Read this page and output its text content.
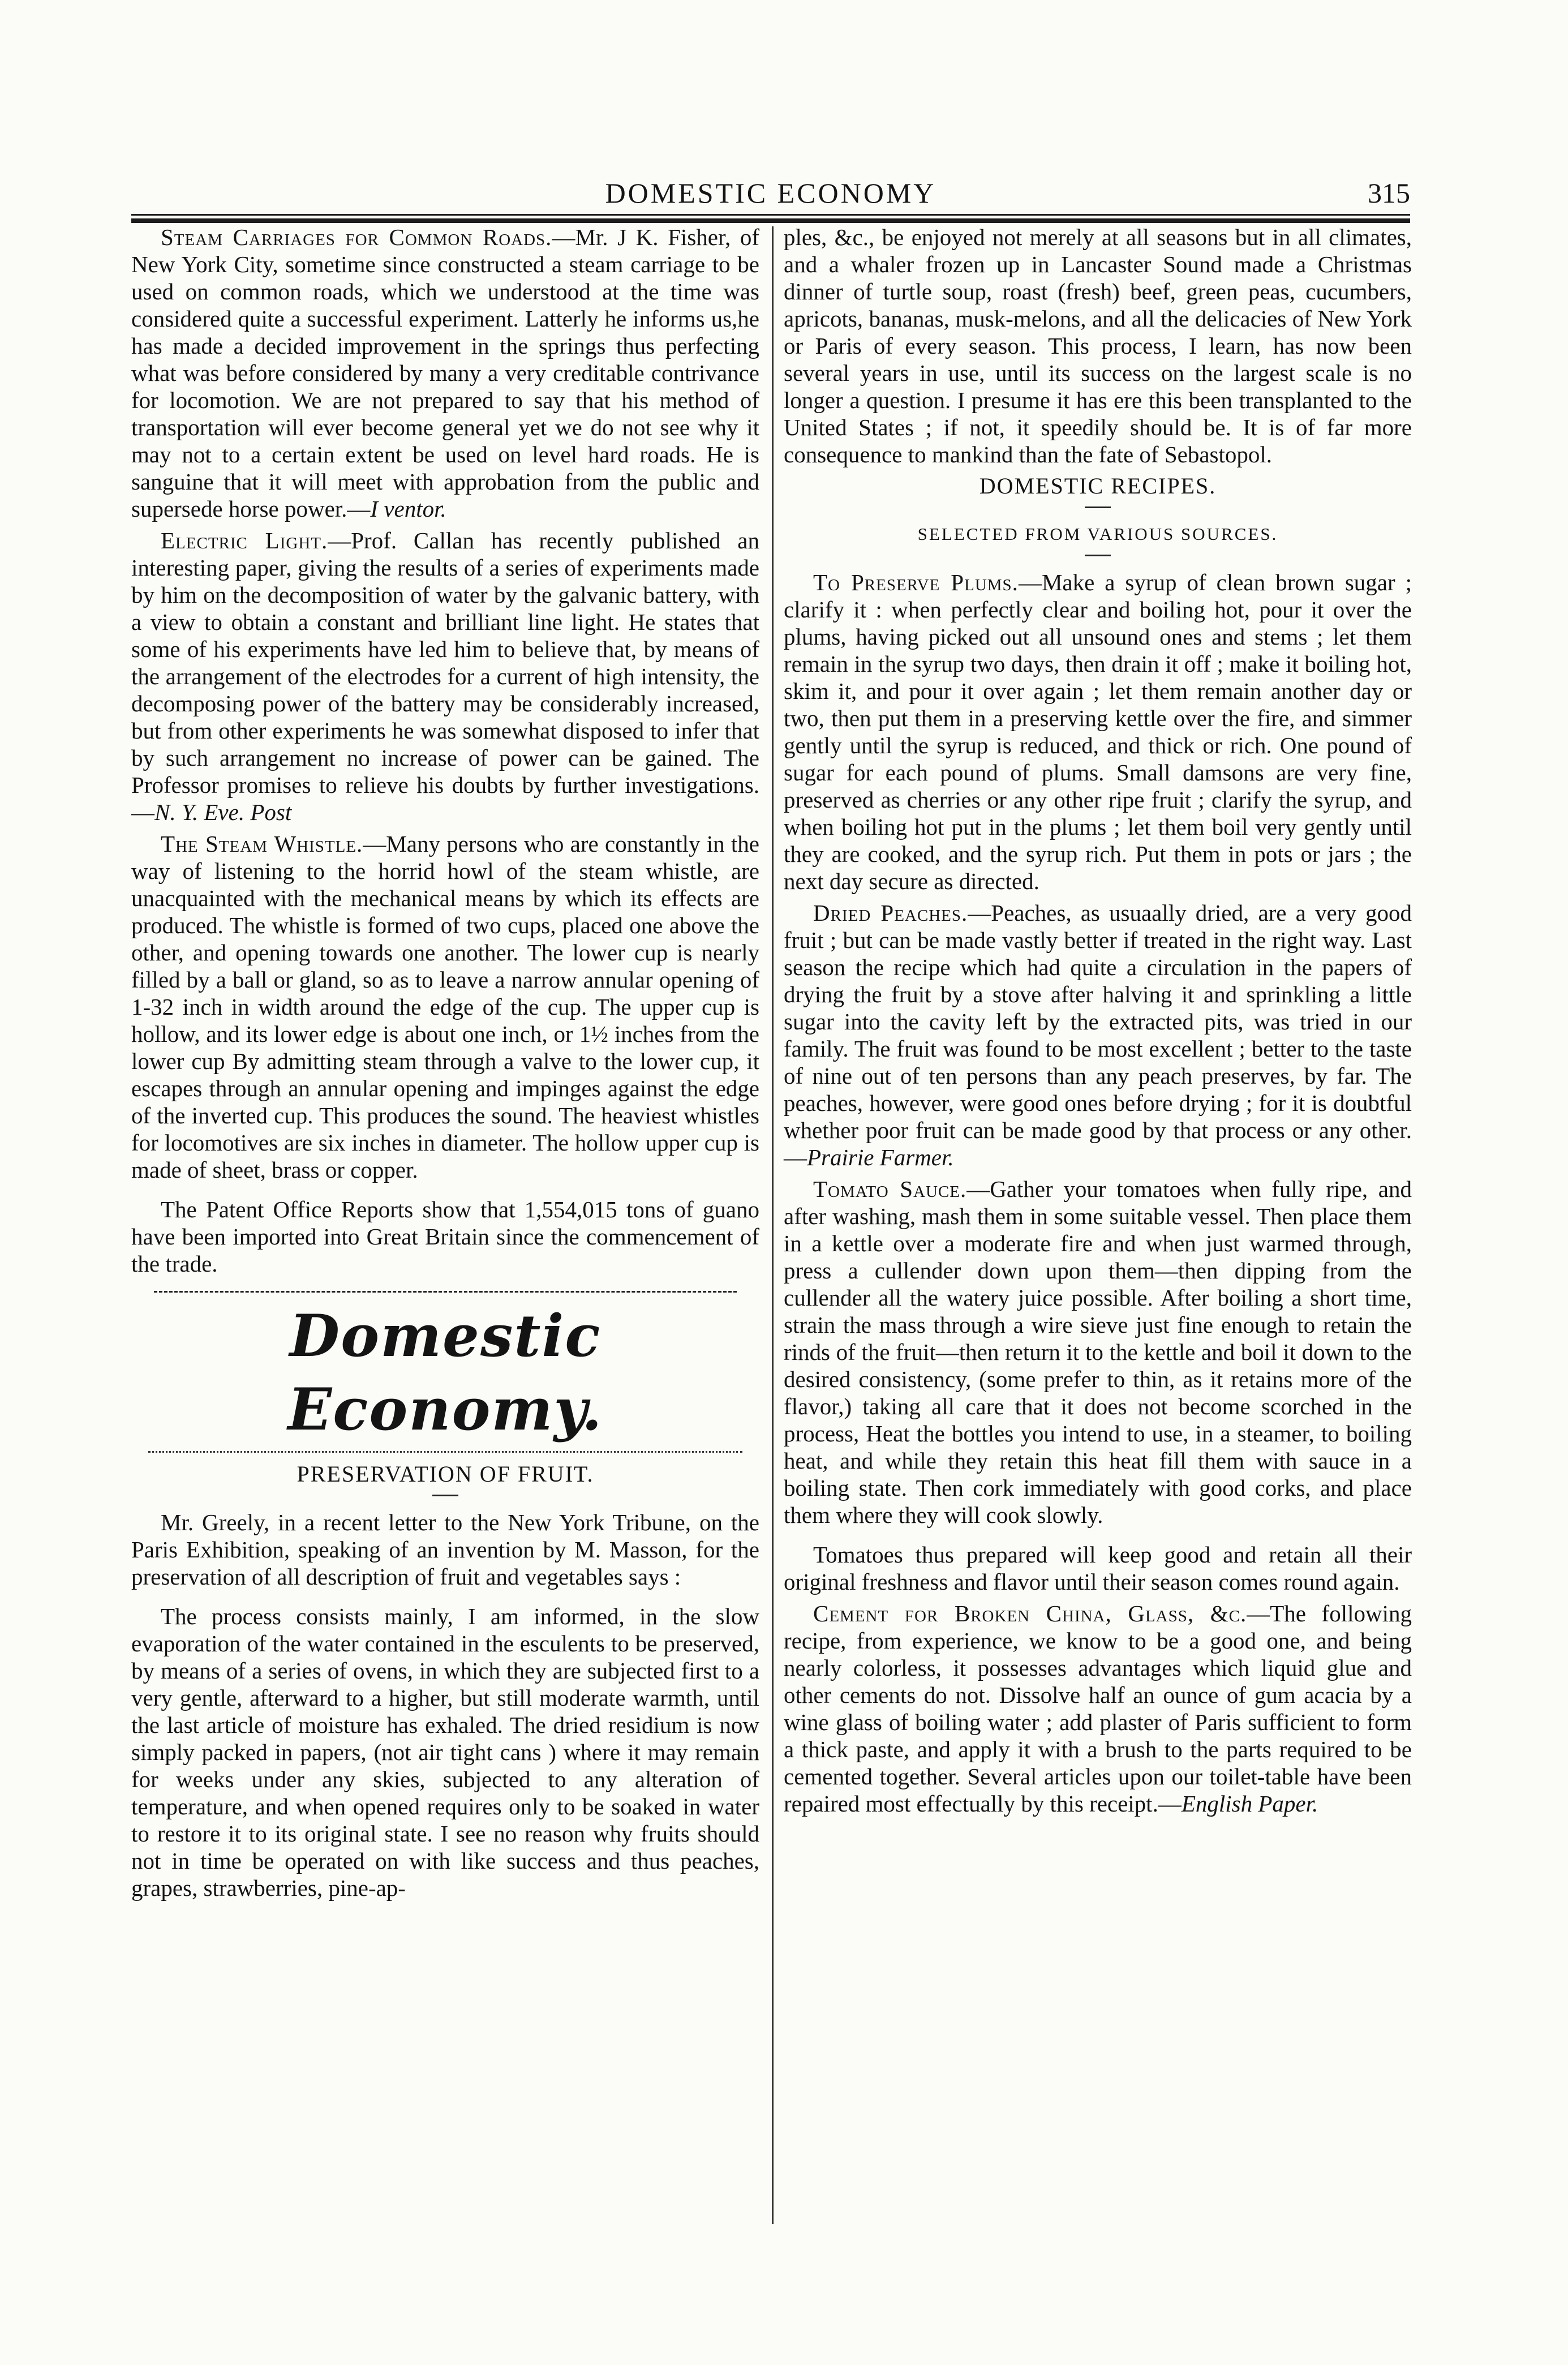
DOMESTIC ECONOMY	315

Steam Carriages for Common Roads.—Mr. J K. Fisher, of New York City, sometime since constructed a steam carriage to be used on common roads, which we understood at the time was considered quite a successful experiment. Latterly he informs us,he has made a decided improvement in the springs thus perfecting what was before considered by many a very creditable contrivance for locomotion. We are not prepared to say that his method of transportation will ever become general yet we do not see why it may not to a certain extent be used on level hard roads. He is sanguine that it will meet with approbation from the public and supersede horse power.—I ventor.

Electric Light.—Prof. Callan has recently published an interesting paper, giving the results of a series of experiments made by him on the decomposition of water by the galvanic battery, with a view to obtain a constant and brilliant line light. He states that some of his experiments have led him to believe that, by means of the arrangement of the electrodes for a current of high intensity, the decomposing power of the battery may be considerably increased, but from other experiments he was somewhat disposed to infer that by such arrangement no increase of power can be gained. The Professor promises to relieve his doubts by further investigations.—N. Y. Eve. Post

The Steam Whistle.—Many persons who are constantly in the way of listening to the horrid howl of the steam whistle, are unacquainted with the mechanical means by which its effects are produced. The whistle is formed of two cups, placed one above the other, and opening towards one another. The lower cup is nearly filled by a ball or gland, so as to leave a narrow annular opening of 1-32 inch in width around the edge of the cup. The upper cup is hollow, and its lower edge is about one inch, or 1½ inches from the lower cup By admitting steam through a valve to the lower cup, it escapes through an annular opening and impinges against the edge of the inverted cup. This produces the sound. The heaviest whistles for locomotives are six inches in diameter. The hollow upper cup is made of sheet, brass or copper.

The Patent Office Reports show that 1,554,015 tons of guano have been imported into Great Britain since the commencement of the trade.

Domestic Economy.

PRESERVATION OF FRUIT.

Mr. Greely, in a recent letter to the New York Tribune, on the Paris Exhibition, speaking of an invention by M. Masson, for the preservation of all description of fruit and vegetables says :

The process consists mainly, I am informed, in the slow evaporation of the water contained in the esculents to be preserved, by means of a series of ovens, in which they are subjected first to a very gentle, afterward to a higher, but still moderate warmth, until the last article of moisture has exhaled. The dried residium is now simply packed in papers, (not air tight cans ) where it may remain for weeks under any skies, subjected to any alteration of temperature, and when opened requires only to be soaked in water to restore it to its original state. I see no reason why fruits should not in time be operated on with like success and thus peaches, grapes, strawberries, pine-ap-

ples, &c., be enjoyed not merely at all seasons but in all climates, and a whaler frozen up in Lancaster Sound made a Christmas dinner of turtle soup, roast (fresh) beef, green peas, cucumbers, apricots, bananas, musk-melons, and all the delicacies of New York or Paris of every season. This process, I learn, has now been several years in use, until its success on the largest scale is no longer a question. I presume it has ere this been transplanted to the United States ; if not, it speedily should be. It is of far more consequence to mankind than the fate of Sebastopol.

DOMESTIC RECIPES.

SELECTED FROM VARIOUS SOURCES.

To Preserve Plums.—Make a syrup of clean brown sugar ; clarify it : when perfectly clear and boiling hot, pour it over the plums, having picked out all unsound ones and stems ; let them remain in the syrup two days, then drain it off ; make it boiling hot, skim it, and pour it over again ; let them remain another day or two, then put them in a preserving kettle over the fire, and simmer gently until the syrup is reduced, and thick or rich. One pound of sugar for each pound of plums. Small damsons are very fine, preserved as cherries or any other ripe fruit ; clarify the syrup, and when boiling hot put in the plums ; let them boil very gently until they are cooked, and the syrup rich. Put them in pots or jars ; the next day secure as directed.

Dried Peaches.—Peaches, as usuaally dried, are a very good fruit ; but can be made vastly better if treated in the right way. Last season the recipe which had quite a circulation in the papers of drying the fruit by a stove after halving it and sprinkling a little sugar into the cavity left by the extracted pits, was tried in our family. The fruit was found to be most excellent ; better to the taste of nine out of ten persons than any peach preserves, by far. The peaches, however, were good ones before drying ; for it is doubtful whether poor fruit can be made good by that process or any other.—Prairie Farmer.

Tomato Sauce.—Gather your tomatoes when fully ripe, and after washing, mash them in some suitable vessel. Then place them in a kettle over a moderate fire and when just warmed through, press a cullender down upon them—then dipping from the cullender all the watery juice possible. After boiling a short time, strain the mass through a wire sieve just fine enough to retain the rinds of the fruit—then return it to the kettle and boil it down to the desired consistency, (some prefer to thin, as it retains more of the flavor,) taking all care that it does not become scorched in the process, Heat the bottles you intend to use, in a steamer, to boiling heat, and while they retain this heat fill them with sauce in a boiling state. Then cork immediately with good corks, and place them where they will cook slowly.

Tomatoes thus prepared will keep good and retain all their original freshness and flavor until their season comes round again.

Cement for Broken China, Glass, &c.—The following recipe, from experience, we know to be a good one, and being nearly colorless, it possesses advantages which liquid glue and other cements do not. Dissolve half an ounce of gum acacia by a wine glass of boiling water ; add plaster of Paris sufficient to form a thick paste, and apply it with a brush to the parts required to be cemented together. Several articles upon our toilet-table have been repaired most effectually by this receipt.—English Paper.
